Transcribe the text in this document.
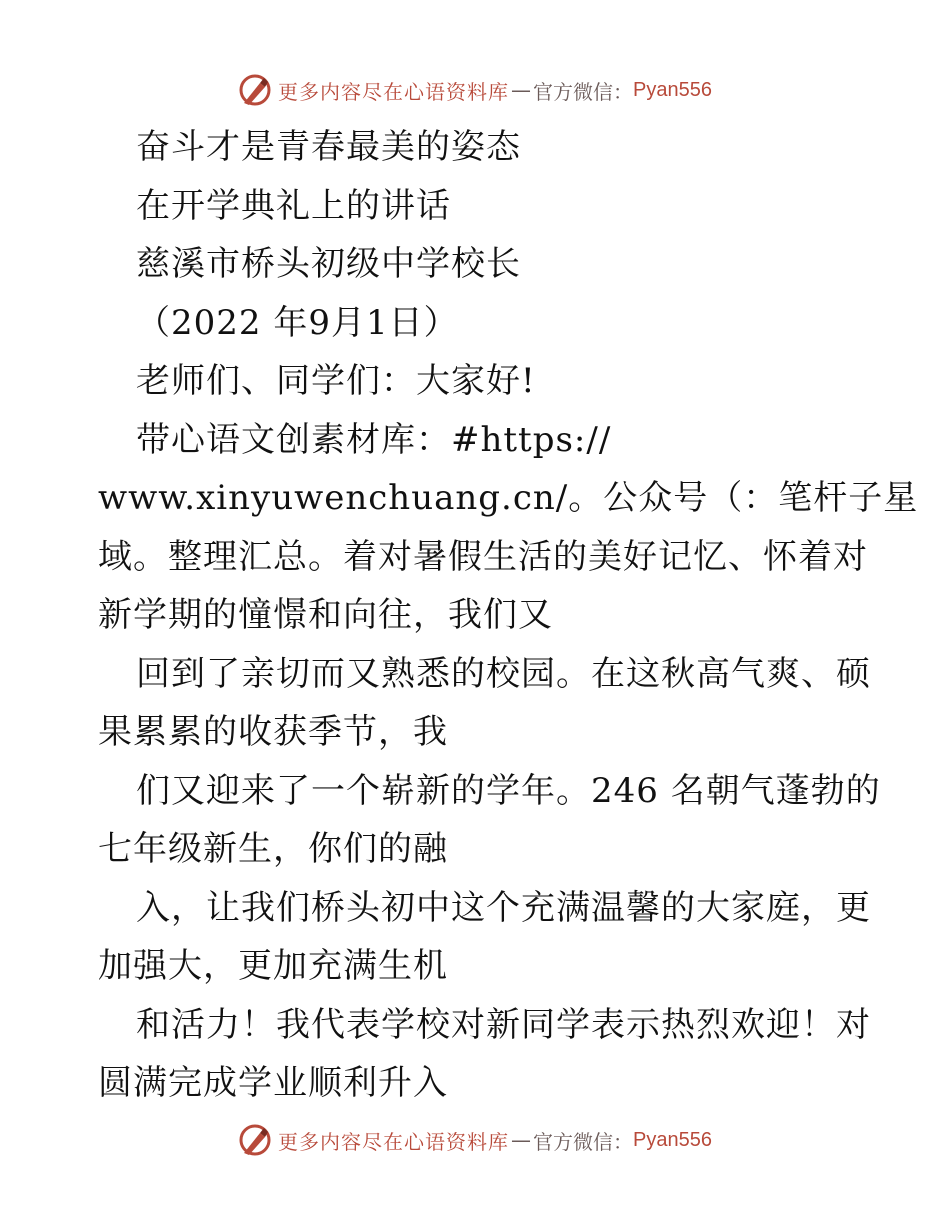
更多内容尽在心语资料库 — 官方微信： Pyan556
奋斗才是青春最美的姿态
在开学典礼上的讲话
慈溪市桥头初级中学校长
（2022 年9月1日）
老师们、同学们：大家好!
带心语文创素材库：#https://
www.xinyuwenchuang.cn/。公众号（：笔杆子星
域。整理汇总。着对暑假生活的美好记忆、怀着对
新学期的憧憬和向往，我们又
回到了亲切而又熟悉的校园。在这秋高气爽、硕
果累累的收获季节，我
们又迎来了一个崭新的学年。246 名朝气蓬勃的
七年级新生，你们的融
入，让我们桥头初中这个充满温馨的大家庭，更
加强大，更加充满生机
和活力！我代表学校对新同学表示热烈欢迎！对
圆满完成学业顺利升入
更多内容尽在心语资料库 — 官方微信： Pyan556
